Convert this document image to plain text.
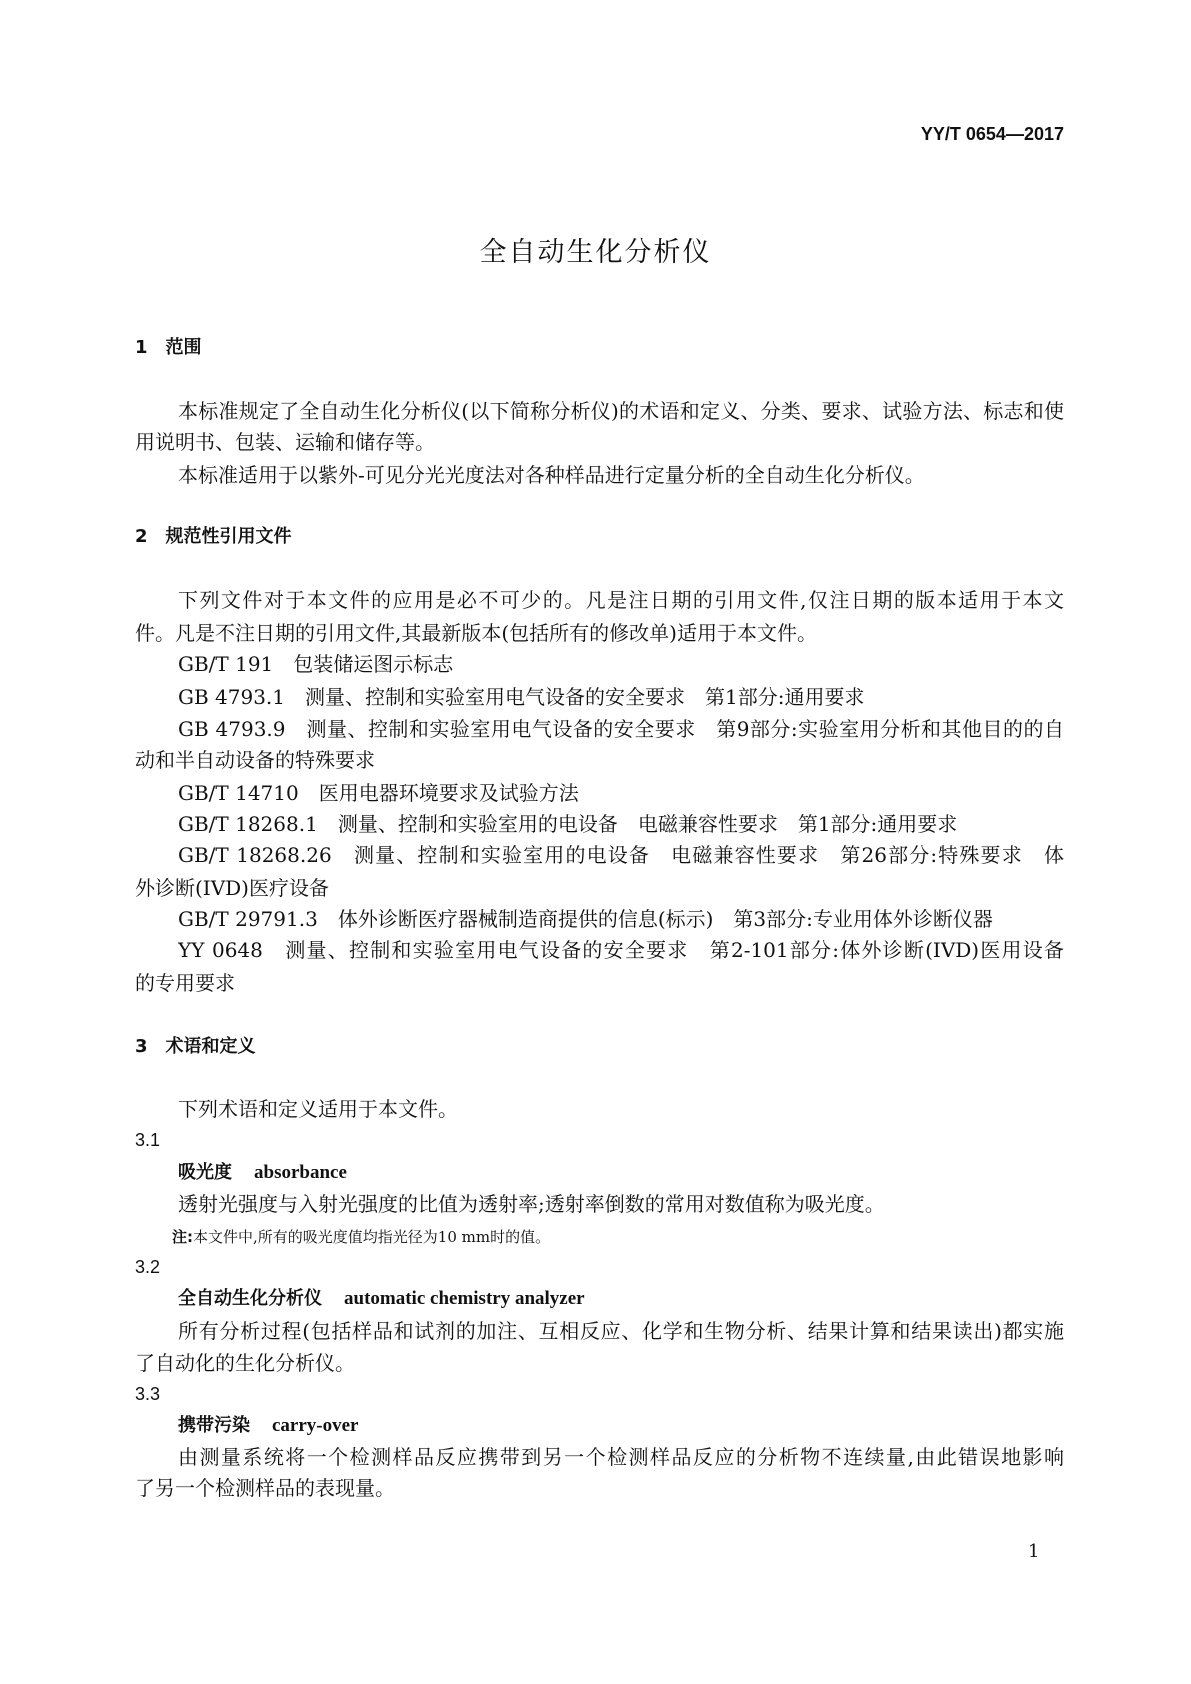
YY/T 0654—2017
全自动生化分析仪
1　范围
本标准规定了全自动生化分析仪(以下简称分析仪)的术语和定义、分类、要求、试验方法、标志和使
用说明书、包装、运输和储存等。
本标准适用于以紫外-可见分光光度法对各种样品进行定量分析的全自动生化分析仪。
2　规范性引用文件
下列文件对于本文件的应用是必不可少的。凡是注日期的引用文件,仅注日期的版本适用于本文
件。凡是不注日期的引用文件,其最新版本(包括所有的修改单)适用于本文件。
GB/T 191　包装储运图示标志
GB 4793.1　测量、控制和实验室用电气设备的安全要求　第1部分:通用要求
GB 4793.9　测量、控制和实验室用电气设备的安全要求　第9部分:实验室用分析和其他目的的自
动和半自动设备的特殊要求
GB/T 14710　医用电器环境要求及试验方法
GB/T 18268.1　测量、控制和实验室用的电设备　电磁兼容性要求　第1部分:通用要求
GB/T 18268.26　测量、控制和实验室用的电设备　电磁兼容性要求　第26部分:特殊要求　体
外诊断(IVD)医疗设备
GB/T 29791.3　体外诊断医疗器械制造商提供的信息(标示)　第3部分:专业用体外诊断仪器
YY 0648　测量、控制和实验室用电气设备的安全要求　第2-101部分:体外诊断(IVD)医用设备
的专用要求
3　术语和定义
下列术语和定义适用于本文件。
3.1
吸光度 absorbance
透射光强度与入射光强度的比值为透射率;透射率倒数的常用对数值称为吸光度。
注:本文件中,所有的吸光度值均指光径为10 mm时的值。
3.2
全自动生化分析仪 automatic chemistry analyzer
所有分析过程(包括样品和试剂的加注、互相反应、化学和生物分析、结果计算和结果读出)都实施
了自动化的生化分析仪。
3.3
携带污染 carry-over
由测量系统将一个检测样品反应携带到另一个检测样品反应的分析物不连续量,由此错误地影响
了另一个检测样品的表现量。
1
